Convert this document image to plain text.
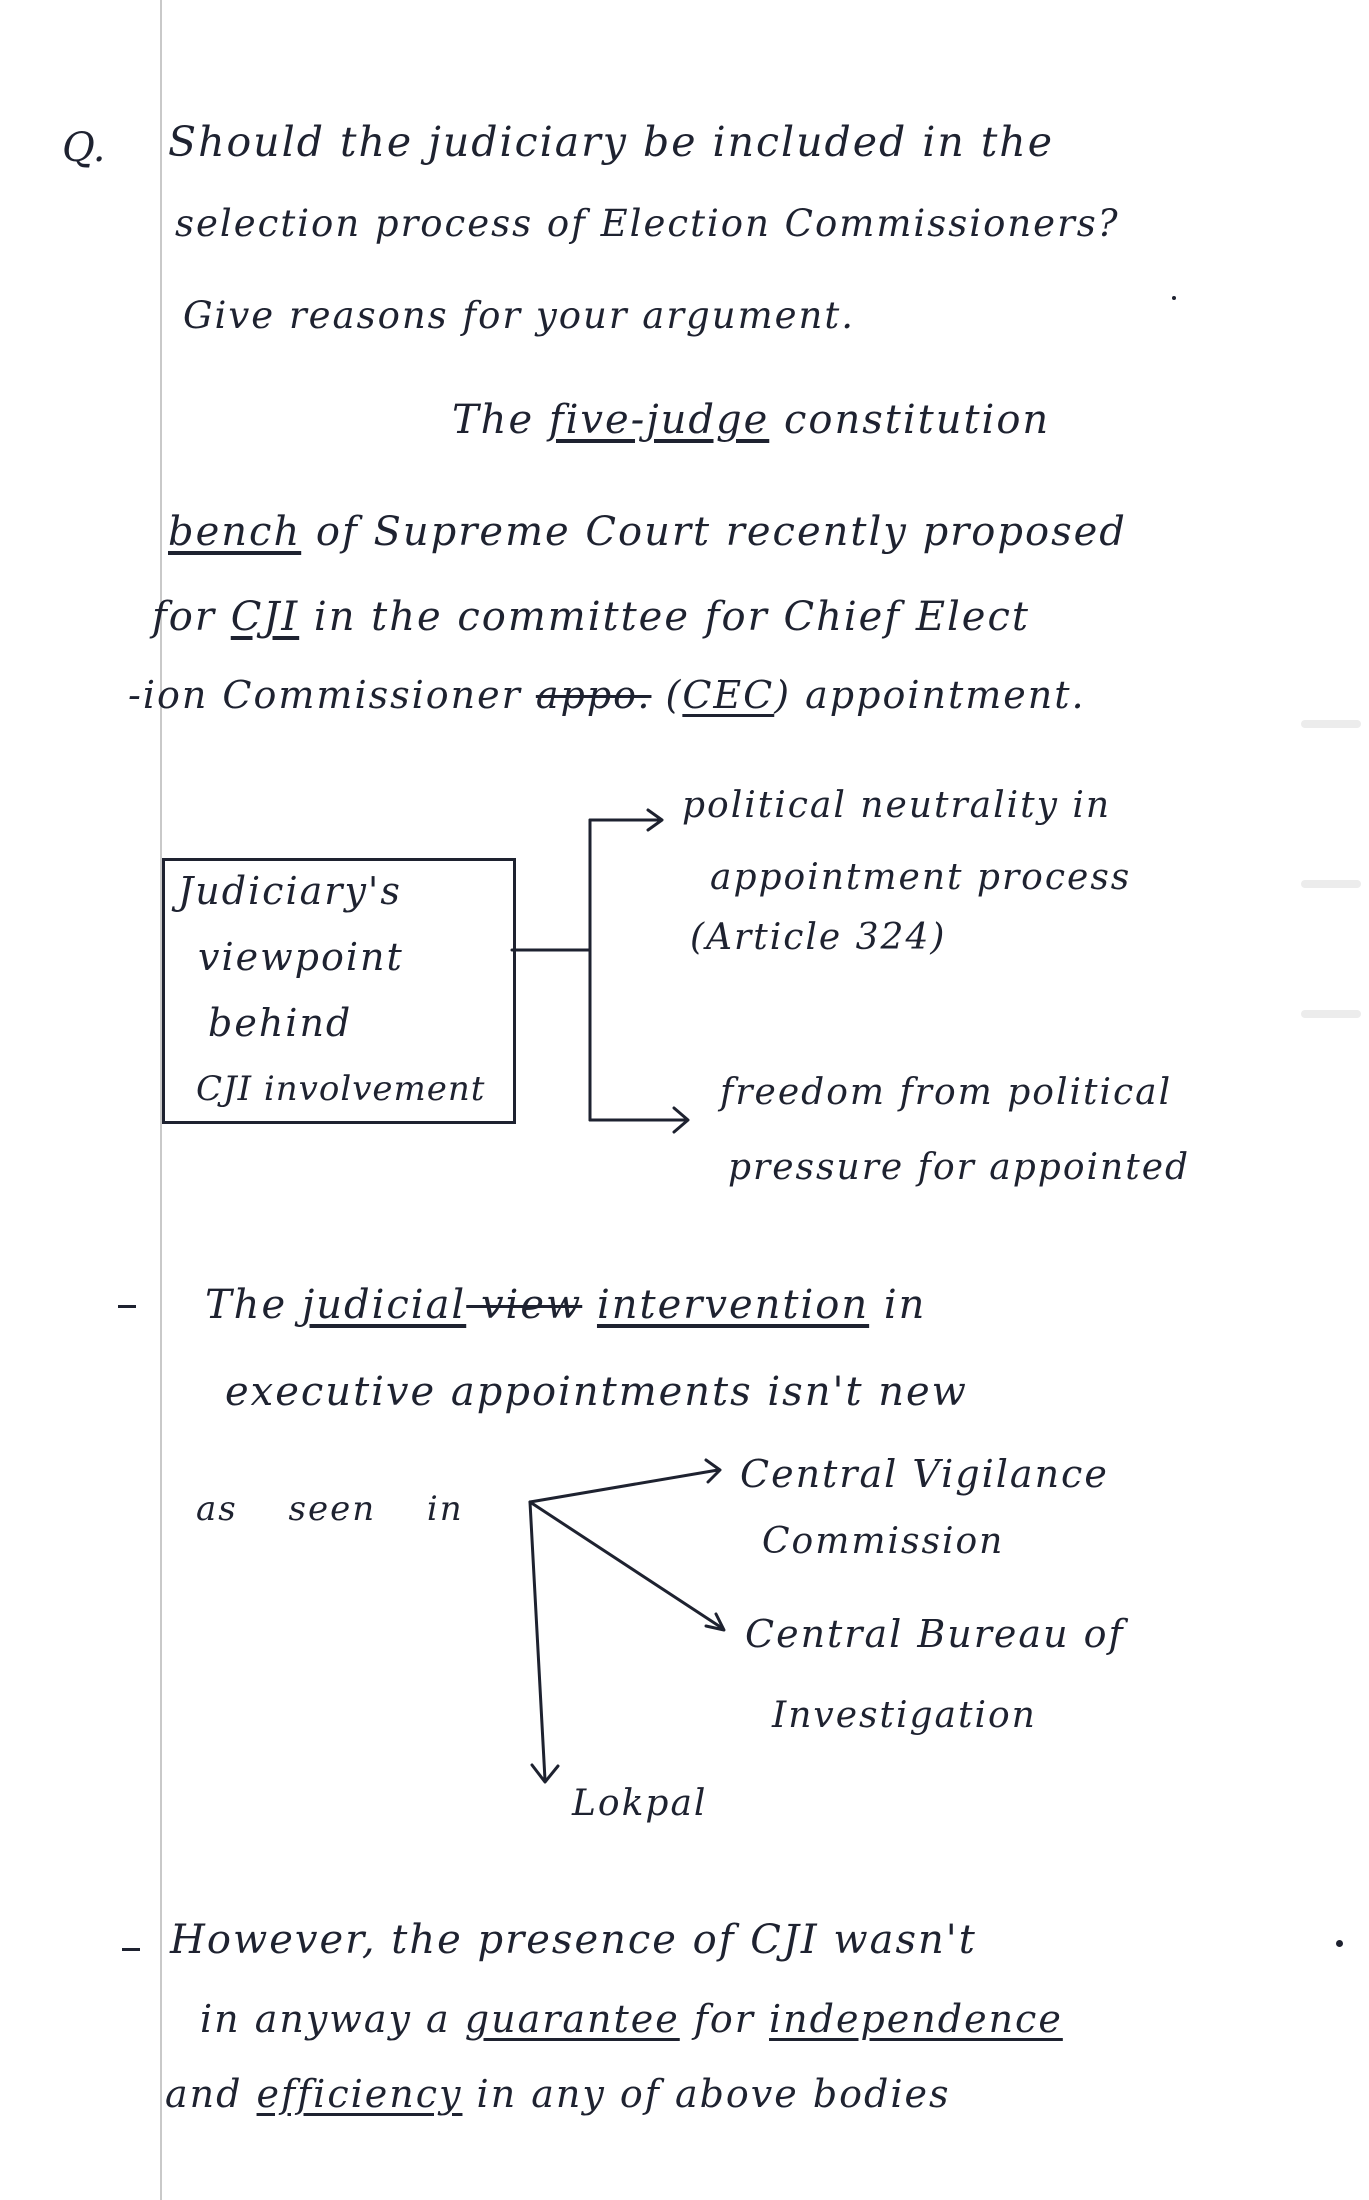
Q. Should the judiciary be included in the
selection process of Election Commissioners?
Give reasons for your argument.
The five-judge constitution
bench of Supreme Court recently proposed
for CJI in the committee for Chief Elect
-ion Commissioner appo. (CEC) appointment.
Judiciary's
viewpoint
behind
CJI involvement
political neutrality in
appointment process
(Article 324)
freedom from political
pressure for appointed
The judicial view intervention in
executive appointments isn't new
as seen in
Central Vigilance
Commission
Central Bureau of
Investigation
Lokpal
However, the presence of CJI wasn't
in anyway a guarantee for independence
and efficiency in any of above bodies
